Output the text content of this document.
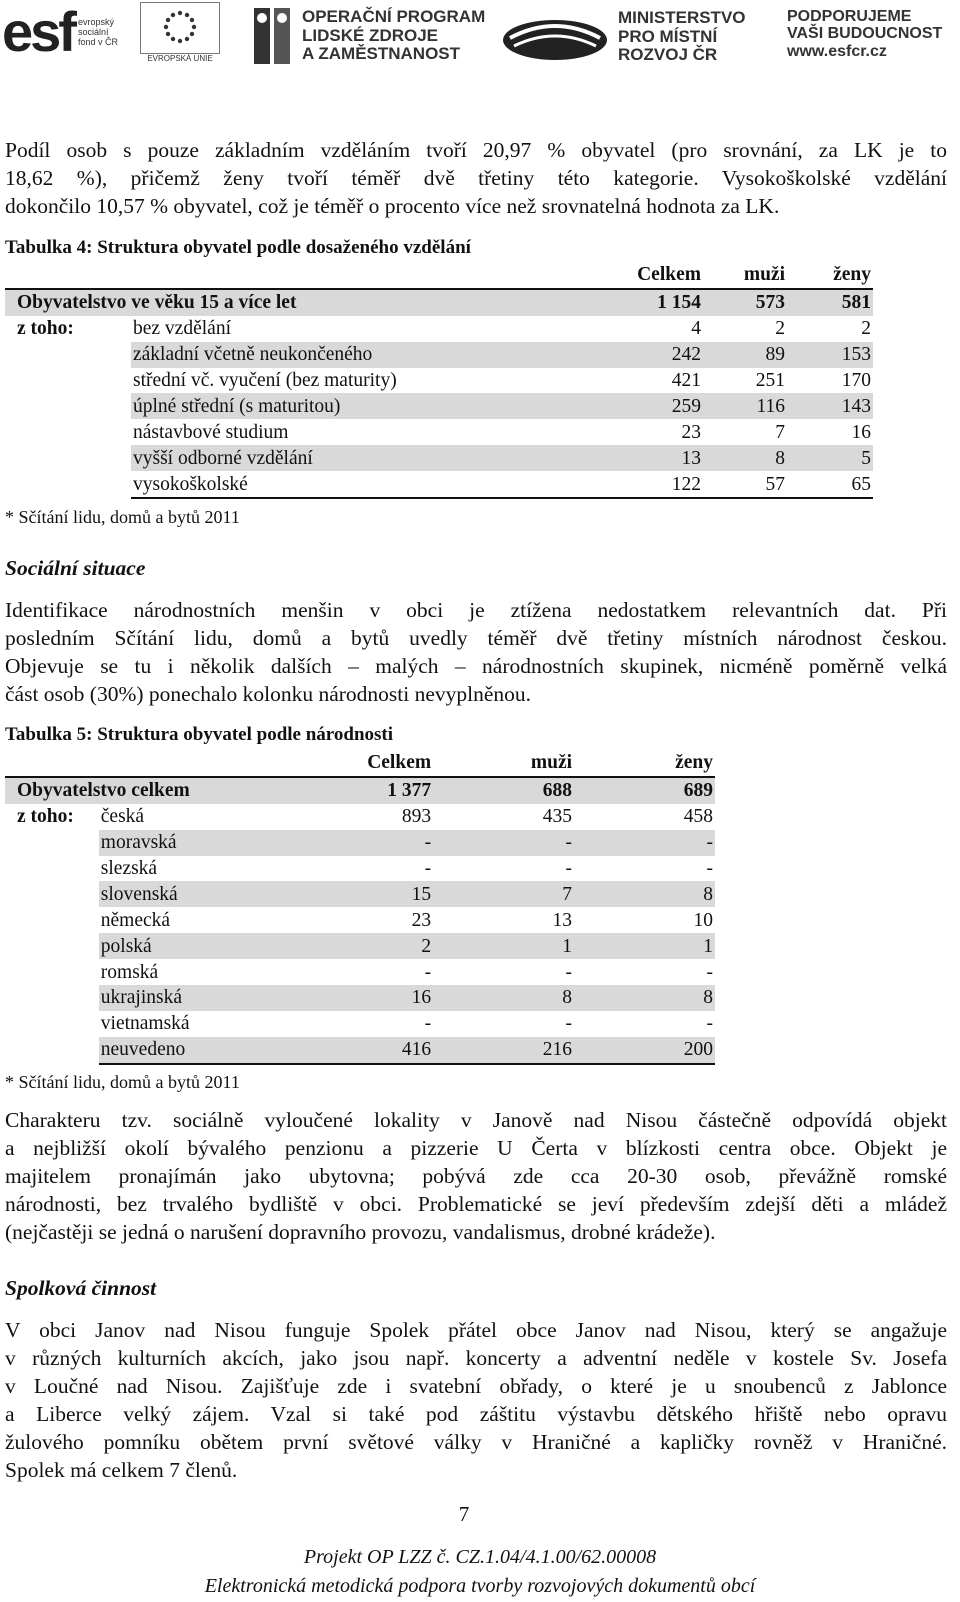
esf evropský
sociální
fond v ČR
EVROPSKÁ UNIE
OPERAČNÍ PROGRAM
LIDSKÉ ZDROJE
A ZAMĚSTNANOST
MINISTERSTVO
PRO MÍSTNÍ
ROZVOJ ČR
PODPORUJEME
VAŠI BUDOUCNOST
www.esfcr.cz

Podíl osob s pouze základním vzděláním tvoří 20,97 % obyvatel (pro srovnání, za LK je to
18,62 %), přičemž ženy tvoří téměř dvě třetiny této kategorie. Vysokoškolské vzdělání
dokončilo 10,57 % obyvatel, což je téměř o procento více než srovnatelná hodnota za LK.

Tabulka 4: Struktura obyvatel podle dosaženého vzdělání
		Celkem	muži	ženy
Obyvatelstvo ve věku 15 a více let		1 154	573	581
z toho:	bez vzdělání	4	2	2
	základní včetně neukončeného	242	89	153
	střední vč. vyučení (bez maturity)	421	251	170
	úplné střední (s maturitou)	259	116	143
	nástavbové studium	23	7	16
	vyšší odborné vzdělání	13	8	5
	vysokoškolské	122	57	65
* Sčítání lidu, domů a bytů 2011
Sociální situace

Identifikace národnostních menšin v obci je ztížena nedostatkem relevantních dat. Při
posledním Sčítání lidu, domů a bytů uvedly téměř dvě třetiny místních národnost českou.
Objevuje se tu i několik dalších – malých – národnostních skupinek, nicméně poměrně velká
část osob (30%) ponechalo kolonku národnosti nevyplněnou.

Tabulka 5: Struktura obyvatel podle národnosti
		Celkem	muži	ženy
Obyvatelstvo celkem		1 377	688	689
z toho:	česká	893	435	458
	moravská	-	-	-
	slezská	-	-	-
	slovenská	15	7	8
	německá	23	13	10
	polská	2	1	1
	romská	-	-	-
	ukrajinská	16	8	8
	vietnamská	-	-	-
	neuvedeno	416	216	200
* Sčítání lidu, domů a bytů 2011

Charakteru tzv. sociálně vyloučené lokality v Janově nad Nisou částečně odpovídá objekt
a nejbližší okolí bývalého penzionu a pizzerie U Čerta v blízkosti centra obce. Objekt je
majitelem pronajímán jako ubytovna; pobývá zde cca 20-30 osob, převážně romské
národnosti, bez trvalého bydliště v obci. Problematické se jeví především zdejší děti a mládež
(nejčastěji se jedná o narušení dopravního provozu, vandalismus, drobné krádeže).

Spolková činnost

V obci Janov nad Nisou funguje Spolek přátel obce Janov nad Nisou, který se angažuje
v různých kulturních akcích, jako jsou např. koncerty a adventní neděle v kostele Sv. Josefa
v Loučné nad Nisou. Zajišťuje zde i svatební obřady, o které je u snoubenců z Jablonce
a Liberce velký zájem. Vzal si také pod záštitu výstavbu dětského hřiště nebo opravu
žulového pomníku obětem první světové války v Hraničné a kapličky rovněž v Hraničné.
Spolek má celkem 7 členů.

7
Projekt OP LZZ č. CZ.1.04/4.1.00/62.00008
Elektronická metodická podpora tvorby rozvojových dokumentů obcí
